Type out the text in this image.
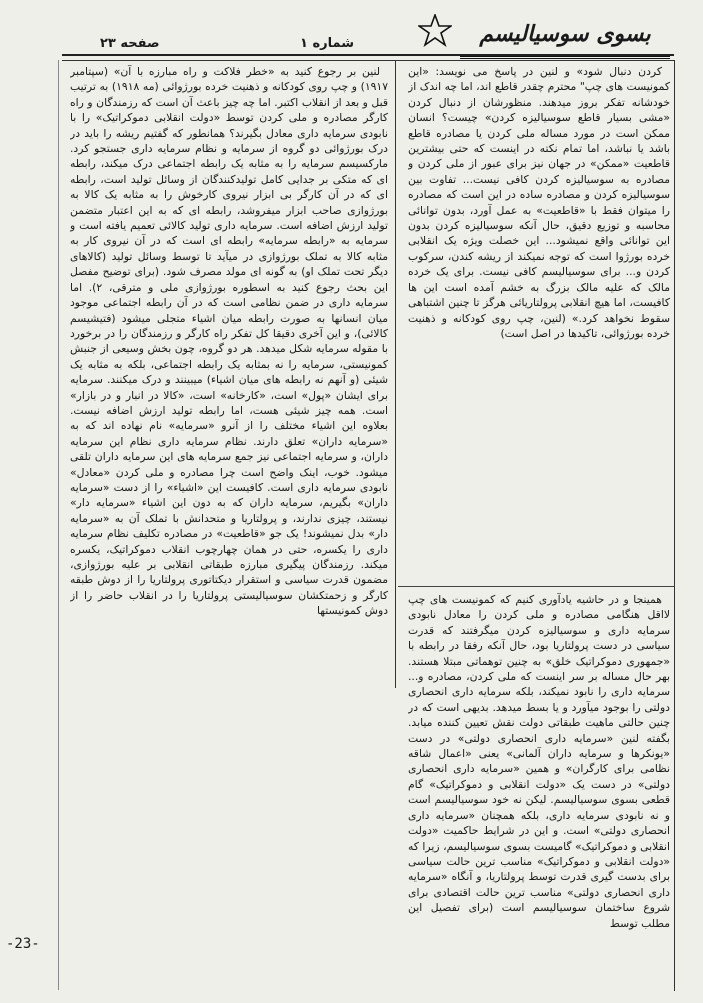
بسوی سوسیالیسم
شماره ۱
صفحه ۲۳

کردن دنبال شود» و لنین در پاسخ می نویسد: «این کمونیست های چپ" محترم چقدر قاطع اند، اما چه اندک از خودشانه تفکر بروز میدهند. منظورشان از دنبال کردن «مشی بسیار قاطع سوسیالیزه کردن» چیست؟ انسان ممکن است در مورد مساله ملی کردن یا مصادره قاطع باشد یا نباشد، اما تمام نکته در اینست که حتی بیشترین قاطعیت «ممکن» در جهان نیز برای عبور از ملی کردن و مصادره به سوسیالیزه کردن کافی نیست... تفاوت بین سوسیالیزه کردن و مصادره ساده در این است که مصادره را میتوان فقط با «قاطعیت» به عمل آورد، بدون توانائی محاسبه و توزیع دقیق، حال آنکه سوسیالیزه کردن بدون این توانائی واقع نمیشود... این خصلت ویژه یک انقلابی خرده بورژوا است که توجه نمیکند از ریشه کندن، سرکوب کردن و... برای سوسیالیسم کافی نیست. برای یک خرده مالک که علیه مالک بزرگ به خشم آمده است این ها کافیست، اما هیچ انقلابی پرولتاریائی هرگز تا چنین اشتباهی سقوط نخواهد کرد.» (لنین، چپ روی کودکانه و ذهنیت خرده بورژوائی، تاکیدها در اصل است)

لنین بر رجوع کنید به «خطر فلاکت و راه مبارزه با آن» (سپتامبر ۱۹۱۷) و چپ روی کودکانه و ذهنیت خرده بورژوائی (مه ۱۹۱۸) به ترتیب قبل و بعد از انقلاب اکتبر. اما چه چیز باعث آن است که رزمندگان و راه کارگر مصادره و ملی کردن توسط «دولت انقلابی دموکراتیک» را با نابودی سرمایه داری معادل بگیرند؟ همانطور که گفتیم ریشه را باید در درک بورژوائی دو گروه از سرمایه و نظام سرمایه داری جستجو کرد. مارکسیسم سرمایه را به مثابه یک رابطه اجتماعی درک میکند، رابطه ای که متکی بر جدایی کامل تولیدکنندگان از وسائل تولید است، رابطه ای که در آن کارگر بی ابزار نیروی کارخوش را به مثابه یک کالا به بورژوازی صاحب ابزار میفروشد، رابطه ای که به این اعتبار متضمن تولید ارزش اضافه است. سرمایه داری تولید کالائی تعمیم یافته است و سرمایه به «رابطه سرمایه» رابطه ای است که در آن نیروی کار به مثابه کالا به تملک بورژوازی در میآید تا توسط وسائل تولید (کالاهای دیگر تحت تملک او) به گونه ای مولد مصرف شود. (برای توضیح مفصل این بحث رجوع کنید به اسطوره بورژوازی ملی و مترقی، ۲). اما سرمایه داری در ضمن نظامی است که در آن رابطه اجتماعی موجود میان انسانها به صورت رابطه میان اشیاء متجلی میشود (فتیشیسم کالائی)، و این آخری دقیقا کل تفکر راه کارگر و رزمندگان را در برخورد با مقوله سرمایه شکل میدهد. هر دو گروه، چون بخش وسیعی از جنبش کمونیستی، سرمایه را نه بمثابه یک رابطه اجتماعی، بلکه به مثابه یک شیئی (و آنهم نه رابطه های میان اشیاء) میبینند و درک میکنند. سرمایه برای ایشان «پول» است، «کارخانه» است، «کالا در انبار و در بازار» است. همه چیز شیئی هست، اما رابطه تولید ارزش اضافه نیست. بعلاوه این اشیاء مختلف را از آنرو «سرمایه» نام نهاده اند که به «سرمایه داران» تعلق دارند. نظام سرمایه داری نظام این سرمایه داران، و سرمایه اجتماعی نیز جمع سرمایه های این سرمایه داران تلقی میشود. خوب، اینک واضح است چرا مصادره و ملی کردن «معادل» نابودی سرمایه داری است. کافیست این «اشیاء» را از دست «سرمایه داران» بگیریم، سرمایه داران که به دون این اشیاء «سرمایه دار» نیستند، چیزی ندارند، و پرولتاریا و متحدانش با تملک آن به «سرمایه دار» بدل نمیشوند! یک جو «قاطعیت» در مصادره تکلیف نظام سرمایه داری را یکسره، حتی در همان چهارچوب انقلاب دموکراتیک، یکسره میکند. رزمندگان پیگیری مبارزه طبقاتی انقلابی بر علیه بورژوازی، مضمون قدرت سیاسی و استقرار دیکتاتوری پرولتاریا را از دوش طبقه کارگر و زحمتکشان سوسیالیستی پرولتاریا را در انقلاب حاضر را از دوش کمونیستها

همینجا و در حاشیه یادآوری کنیم که کمونیست های چپ لااقل هنگامی مصادره و ملی کردن را معادل نابودی سرمایه داری و سوسیالیزه کردن میگرفتند که قدرت سیاسی در دست پرولتاریا بود، حال آنکه رفقا در رابطه با «جمهوری دموکراتیک خلق» به چنین توهماتی مبتلا هستند. بهر حال مساله بر سر اینست که ملی کردن، مصادره و... سرمایه داری را نابود نمیکند، بلکه سرمایه داری انحصاری دولتی را بوجود میآورد و یا بسط میدهد. بدیهی است که در چنین حالتی ماهیت طبقاتی دولت نقش تعیین کننده میابد. بگفته لنین «سرمایه داری انحصاری دولتی» در دست «یونکرها و سرمایه داران آلمانی» یعنی «اعمال شاقه نظامی برای کارگران» و همین «سرمایه داری انحصاری دولتی» در دست یک «دولت انقلابی و دموکراتیک» گام قطعی بسوی سوسیالیسم. لیکن نه خود سوسیالیسم است و نه نابودی سرمایه داری، بلکه همچنان «سرمایه داری انحصاری دولتی» است. و این در شرایط حاکمیت «دولت انقلابی و دموکراتیک» گامیست بسوی سوسیالیسم، زیرا که «دولت انقلابی و دموکراتیک» مناسب ترین حالت سیاسی برای بدست گیری قدرت توسط پرولتاریا، و آنگاه «سرمایه داری انحصاری دولتی» مناسب ترین حالت اقتصادی برای شروع ساختمان سوسیالیسم است (برای تفصیل این مطلب توسط

-23-
